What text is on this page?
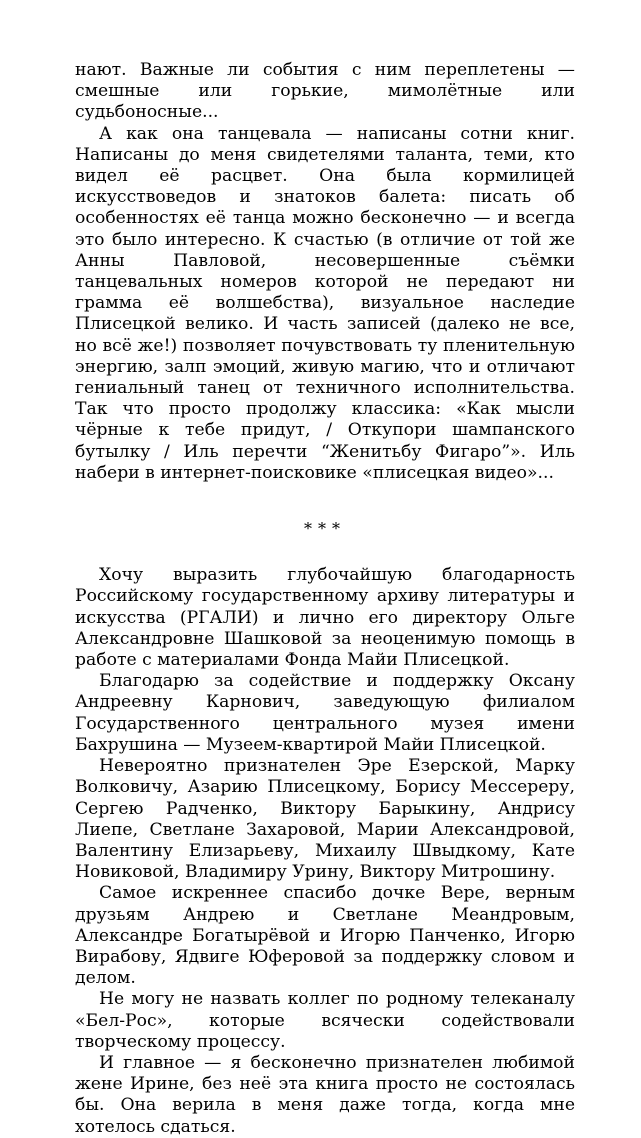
нают. Важные ли события с ним переплетены — смешные или горькие, мимолётные или судьбоносные...

А как она танцевала — написаны сотни книг. Написаны до меня свидетелями таланта, теми, кто видел её расцвет. Она была кормилицей искусствоведов и знатоков балета: писать об особенностях её танца можно бесконечно — и всегда это было интересно. К счастью (в отличие от той же Анны Павловой, несовершенные съёмки танцевальных номеров которой не передают ни грамма её волшебства), визуальное наследие Плисецкой велико. И часть записей (далеко не все, но всё же!) позволяет почувствовать ту пленительную энергию, залп эмоций, живую магию, что и отличают гениальный танец от техничного исполнительства. Так что просто продолжу классика: «Как мысли чёрные к тебе придут, / Откупори шампанского бутылку / Иль перечти “Женитьбу Фигаро”». Иль набери в интернет-поисковике «плисецкая видео»...

***

Хочу выразить глубочайшую благодарность Российскому государственному архиву литературы и искусства (РГАЛИ) и лично его директору Ольге Александровне Шашковой за неоценимую помощь в работе с материалами Фонда Майи Плисецкой.

Благодарю за содействие и поддержку Оксану Андреевну Карнович, заведующую филиалом Государственного центрального музея имени Бахрушина — Музеем-квартирой Майи Плисецкой.

Невероятно признателен Эре Езерской, Марку Волковичу, Азарию Плисецкому, Борису Мессереру, Сергею Радченко, Виктору Барыкину, Андрису Лиепе, Светлане Захаровой, Марии Александровой, Валентину Елизарьеву, Михаилу Швыдкому, Кате Новиковой, Владимиру Урину, Виктору Митрошину.

Самое искреннее спасибо дочке Вере, верным друзьям Андрею и Светлане Меандровым, Александре Богатырёвой и Игорю Панченко, Игорю Вирабову, Ядвиге Юферовой за поддержку словом и делом.

Не могу не назвать коллег по родному телеканалу «Бел-Рос», которые всячески содействовали творческому процессу.

И главное — я бесконечно признателен любимой жене Ирине, без неё эта книга просто не состоялась бы. Она верила в меня даже тогда, когда мне хотелось сдаться.
